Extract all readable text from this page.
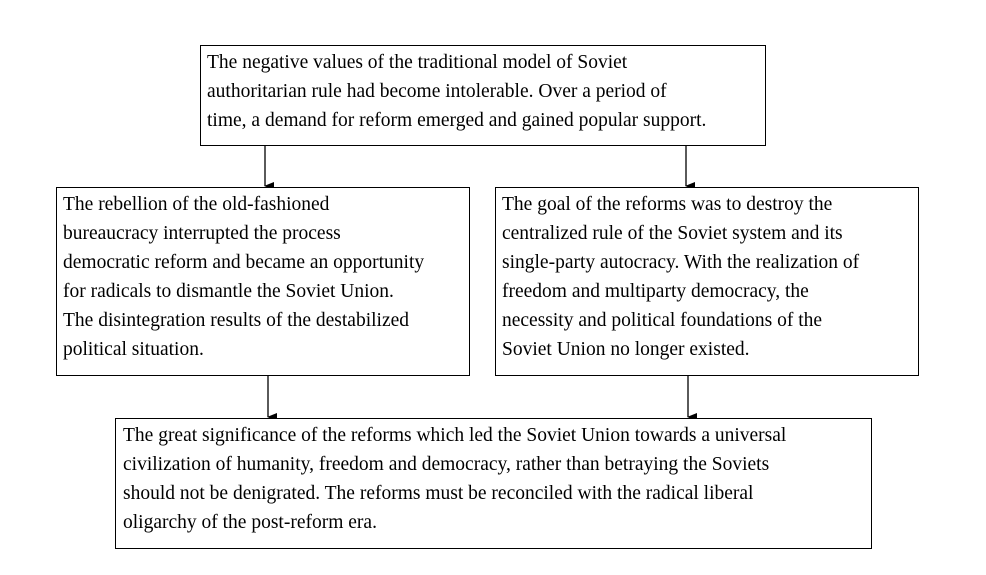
The negative values of the traditional model of Soviet
authoritarian rule had become intolerable. Over a period of
time, a demand for reform emerged and gained popular support.
The rebellion of the old-fashioned
bureaucracy interrupted the process
democratic reform and became an opportunity
for radicals to dismantle the Soviet Union.
The disintegration results of the destabilized
political situation.
The goal of the reforms was to destroy the
centralized rule of the Soviet system and its
single-party autocracy. With the realization of
freedom and multiparty democracy, the
necessity and political foundations of the
Soviet Union no longer existed.
The great significance of the reforms which led the Soviet Union towards a universal
civilization of humanity, freedom and democracy, rather than betraying the Soviets
should not be denigrated. The reforms must be reconciled with the radical liberal
oligarchy of the post-reform era.
